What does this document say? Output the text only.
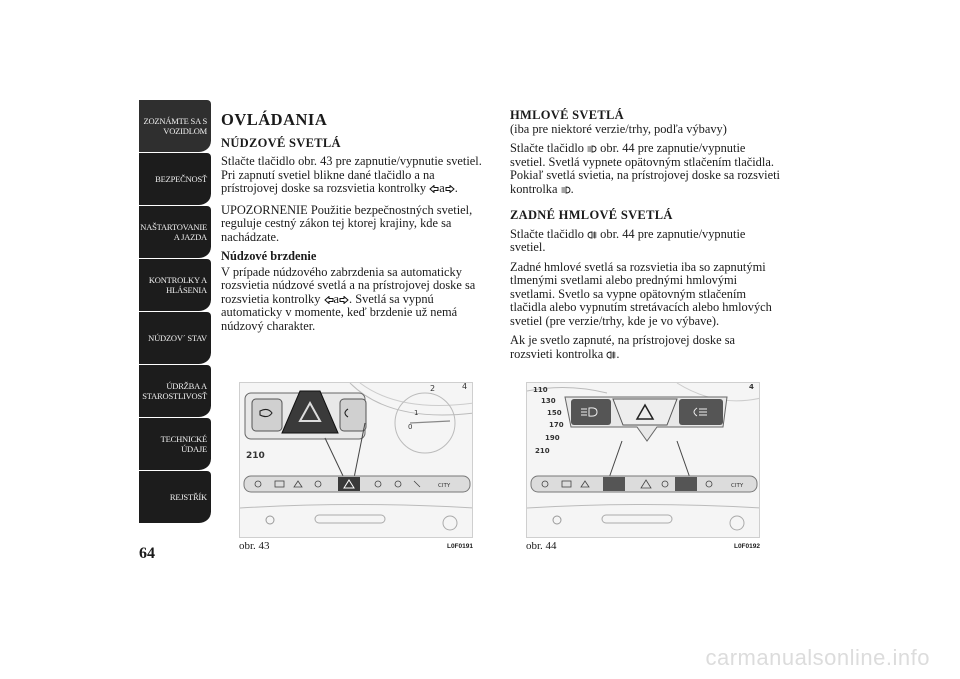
ZOZNÁMTE SA S
VOZIDLOM
BEZPEČNOSŤ
NAŠTARTOVANIE
A JAZDA
KONTROLKY A
HLÁSENIA
NÚDZOV´ STAV
ÚDRŽBA A
STAROSTLIVOSŤ
TECHNICKÉ
ÚDAJE
REJSTŘÍK
64
OVLÁDANIA
NÚDZOVÉ SVETLÁ

Stlačte tlačidlo obr. 43 pre zapnutie/vypnutie svetiel. Pri zapnutí svetiel blikne dané tlačidlo a na prístrojovej doske sa rozsvietia kontrolky a .

UPOZORNENIE Použitie bezpečnostných svetiel, reguluje cestný zákon tej ktorej krajiny, kde sa nachádzate.

Núdzové brzdenie

V prípade núdzového zabrzdenia sa automaticky rozsvietia núdzové svetlá a na prístrojovej doske sa rozsvietia kontrolky a . Svetlá sa vypnú automaticky v momente, keď brzdenie už nemá núdzový charakter.

HMLOVÉ SVETLÁ

(iba pre niektoré verzie/trhy, podľa výbavy)

Stlačte tlačidlo  obr. 44 pre zapnutie/vypnutie svetiel. Svetlá vypnete opätovným stlačením tlačidla. Pokiaľ svetlá svietia, na prístrojovej doske sa rozsvieti kontrolka .

ZADNÉ HMLOVÉ SVETLÁ

Stlačte tlačidlo  obr. 44 pre zapnutie/vypnutie svetiel.

Zadné hmlové svetlá sa rozsvietia iba so zapnutými tlmenými svetlami alebo prednými hmlovými svetlami. Svetlo sa vypne opätovným stlačením tlačidla alebo vypnutím stretávacích alebo hmlových svetiel (pre verzie/trhy, kde je vo výbave).

Ak je svetlo zapnuté, na prístrojovej doske sa rozsvieti kontrolka .

2	4
1
0
210
CITY
obr. 43	L0F0191
110
130
150
170
190
210
4
CITY
obr. 44	L0F0192
carmanualsonline.info
